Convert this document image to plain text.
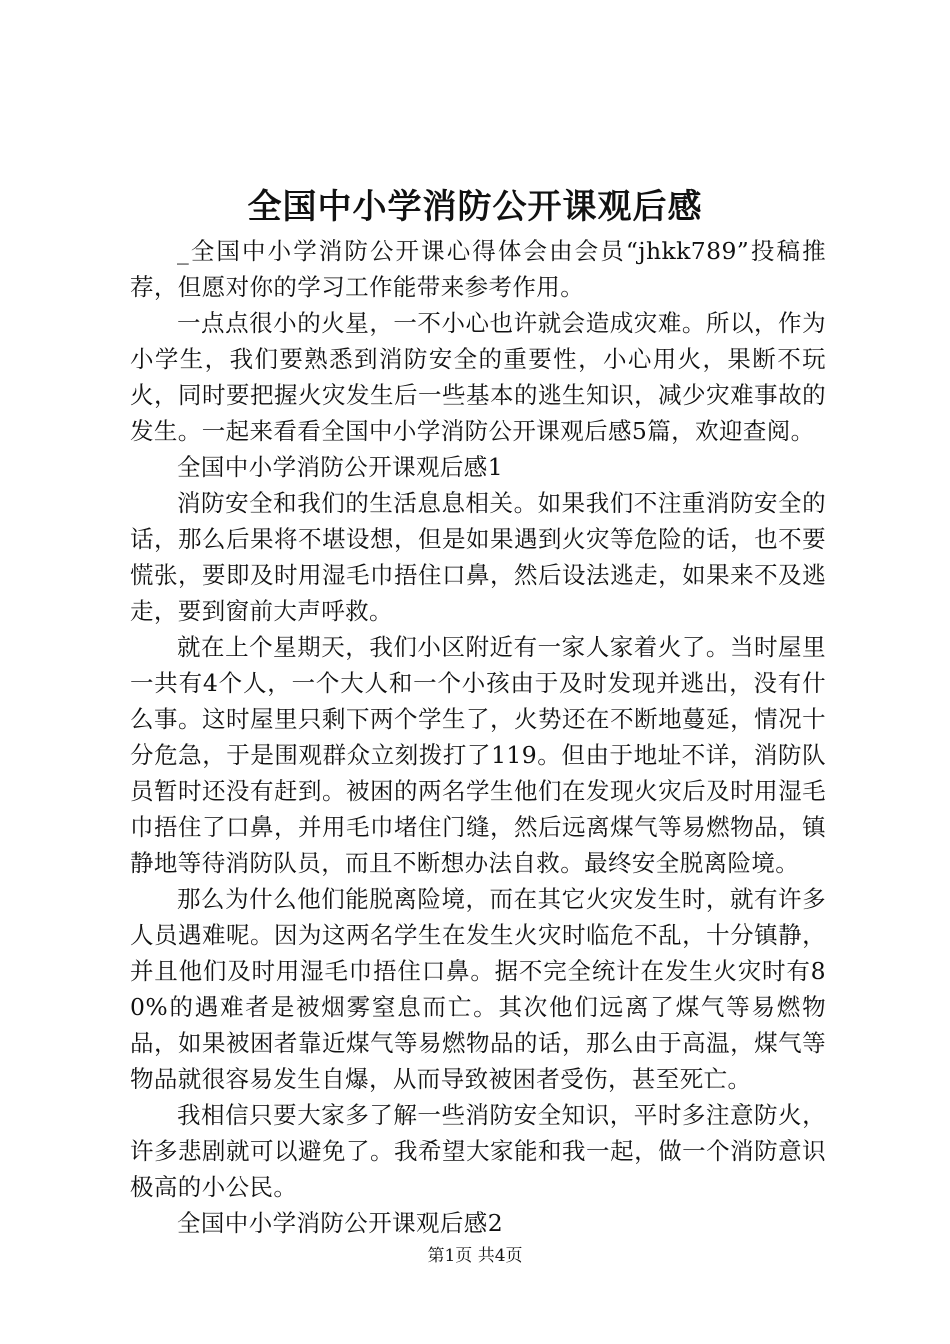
全国中小学消防公开课观后感

_全国中小学消防公开课心得体会由会员“jhkk789”投稿推荐，但愿对你的学习工作能带来参考作用。

一点点很小的火星，一不小心也许就会造成灾难。所以，作为小学生，我们要熟悉到消防安全的重要性，小心用火，果断不玩火，同时要把握火灾发生后一些基本的逃生知识，减少灾难事故的发生。一起来看看全国中小学消防公开课观后感5篇，欢迎查阅。

全国中小学消防公开课观后感1

消防安全和我们的生活息息相关。如果我们不注重消防安全的话，那么后果将不堪设想，但是如果遇到火灾等危险的话，也不要慌张，要即及时用湿毛巾捂住口鼻，然后设法逃走，如果来不及逃走，要到窗前大声呼救。

就在上个星期天，我们小区附近有一家人家着火了。当时屋里一共有4个人，一个大人和一个小孩由于及时发现并逃出，没有什么事。这时屋里只剩下两个学生了，火势还在不断地蔓延，情况十分危急，于是围观群众立刻拨打了119。但由于地址不详，消防队员暂时还没有赶到。被困的两名学生他们在发现火灾后及时用湿毛巾捂住了口鼻，并用毛巾堵住门缝，然后远离煤气等易燃物品，镇静地等待消防队员，而且不断想办法自救。最终安全脱离险境。

那么为什么他们能脱离险境，而在其它火灾发生时，就有许多人员遇难呢。因为这两名学生在发生火灾时临危不乱，十分镇静，并且他们及时用湿毛巾捂住口鼻。据不完全统计在发生火灾时有80%的遇难者是被烟雾窒息而亡。其次他们远离了煤气等易燃物品，如果被困者靠近煤气等易燃物品的话，那么由于高温，煤气等物品就很容易发生自爆，从而导致被困者受伤，甚至死亡。

我相信只要大家多了解一些消防安全知识，平时多注意防火，许多悲剧就可以避免了。我希望大家能和我一起，做一个消防意识极高的小公民。

全国中小学消防公开课观后感2

第1页 共4页
